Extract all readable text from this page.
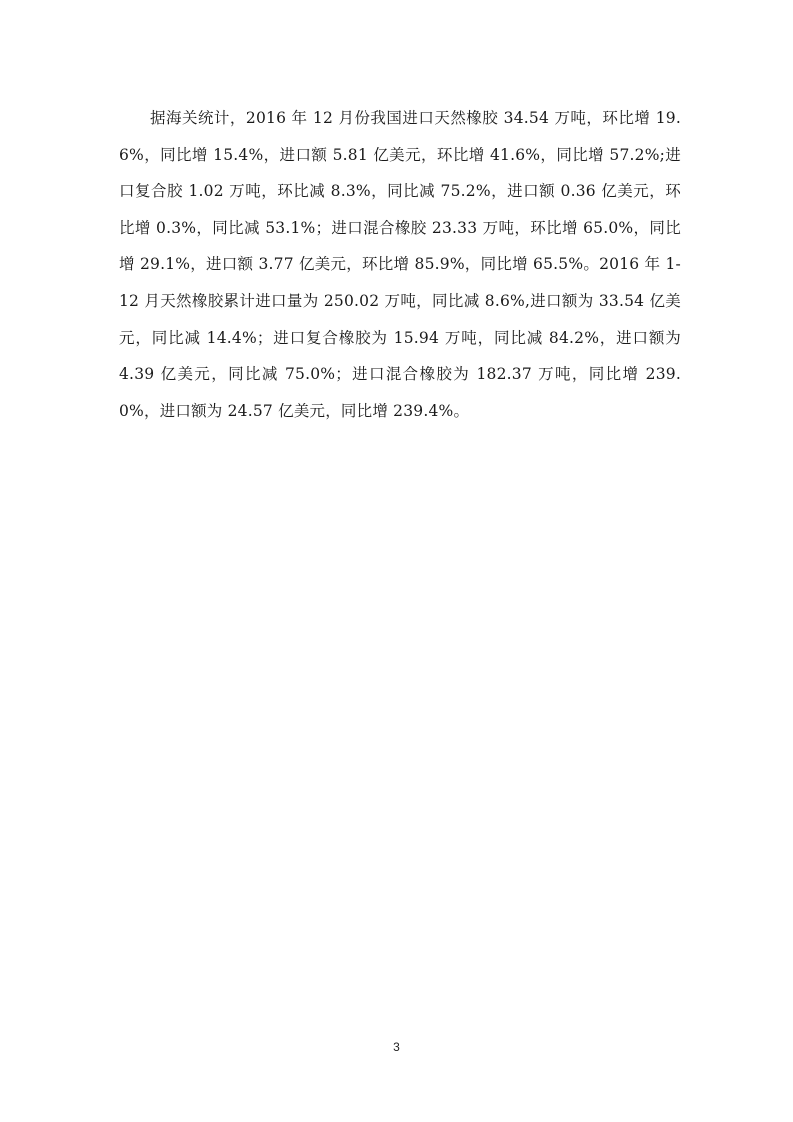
据海关统计，2016 年 12 月份我国进口天然橡胶 34.54 万吨，环比增 19.6%，同比增 15.4%，进口额 5.81 亿美元，环比增 41.6%，同比增 57.2%;进口复合胶 1.02 万吨，环比减 8.3%，同比减 75.2%，进口额 0.36 亿美元，环比增 0.3%，同比减 53.1%；进口混合橡胶 23.33 万吨，环比增 65.0%，同比增 29.1%，进口额 3.77 亿美元，环比增 85.9%，同比增 65.5%。2016 年 1-12 月天然橡胶累计进口量为 250.02 万吨，同比减 8.6%,进口额为 33.54 亿美元，同比减 14.4%；进口复合橡胶为 15.94 万吨，同比减 84.2%，进口额为 4.39 亿美元，同比减 75.0%；进口混合橡胶为 182.37 万吨，同比增 239.0%，进口额为 24.57 亿美元，同比增 239.4%。

3
